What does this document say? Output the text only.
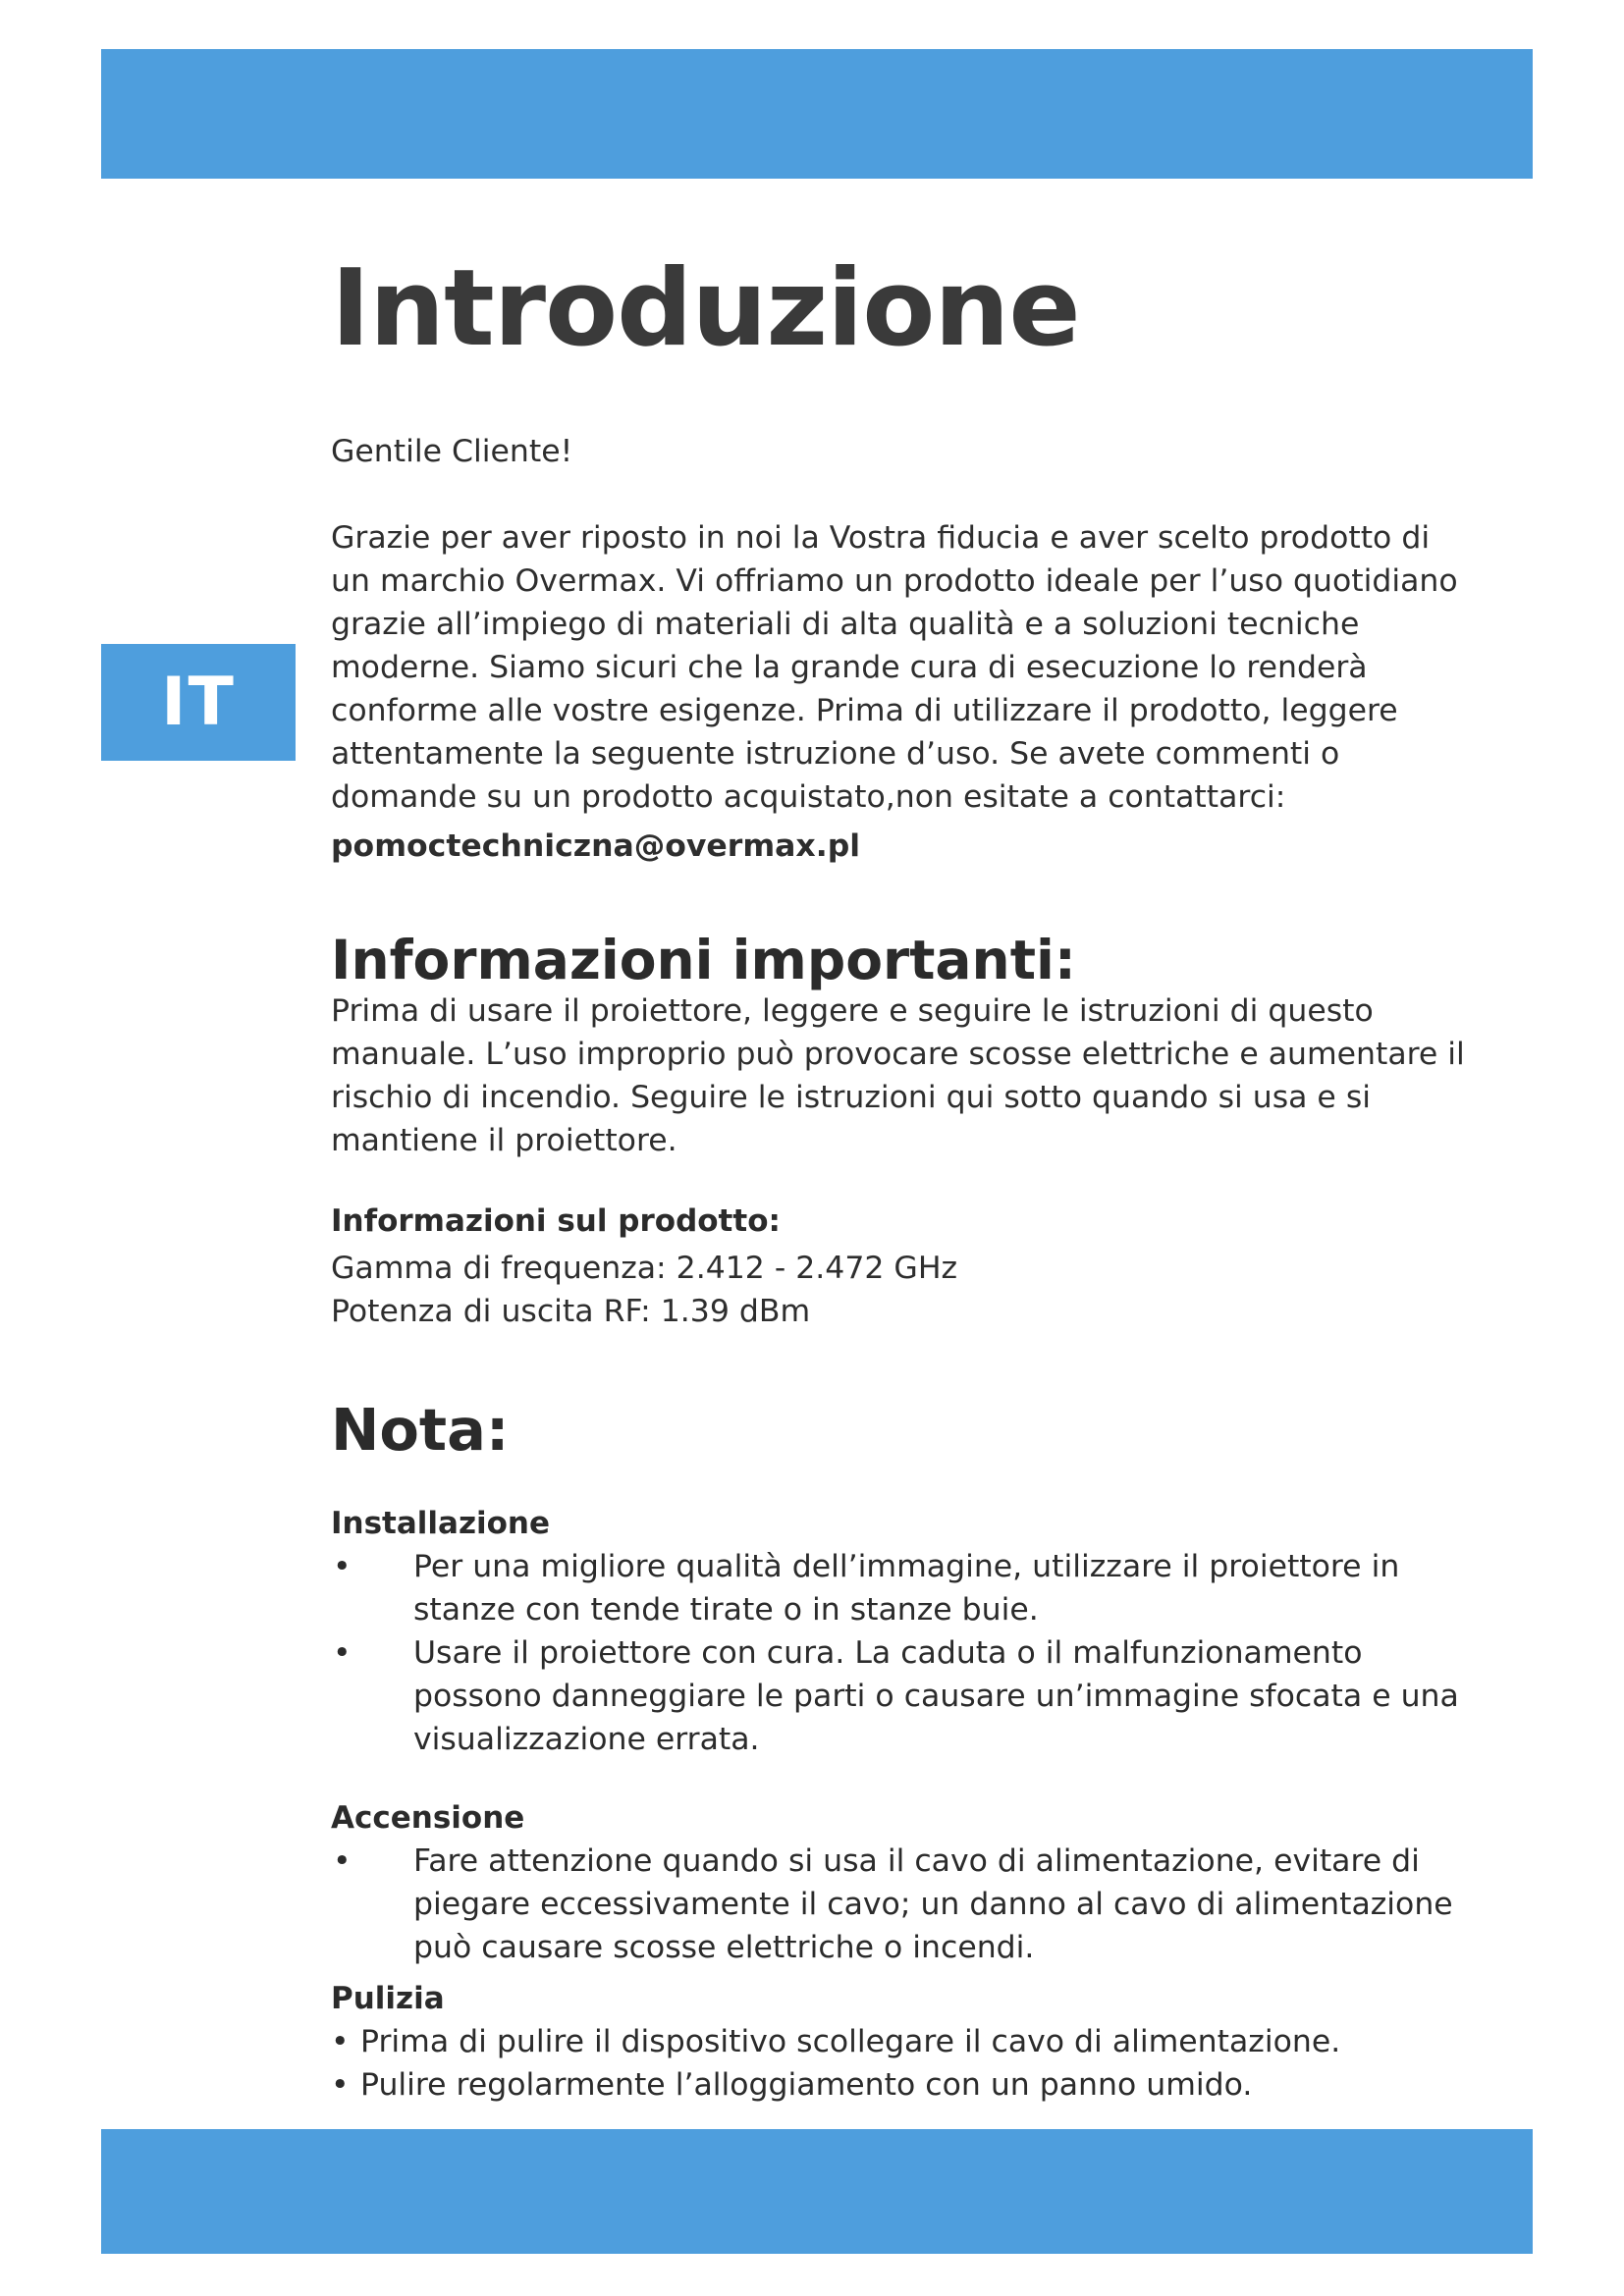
IT
Introduzione

Gentile Cliente!

Grazie per aver riposto in noi la Vostra fiducia e aver scelto prodotto di un marchio Overmax. Vi offriamo un prodotto ideale per l’uso quotidiano grazie all’impiego di materiali di alta qualità e a soluzioni tecniche moderne. Siamo sicuri che la grande cura di esecuzione lo renderà conforme alle vostre esigenze. Prima di utilizzare il prodotto, leggere attentamente la seguente istruzione d’uso. Se avete commenti o domande su un prodotto acquistato,non esitate a contattarci:

pomoctechniczna@overmax.pl

Informazioni importanti:

Prima di usare il proiettore, leggere e seguire le istruzioni di questo manuale. L’uso improprio può provocare scosse elettriche e aumentare il rischio di incendio. Seguire le istruzioni qui sotto quando si usa e si mantiene il proiettore.

Informazioni sul prodotto:

Gamma di frequenza: 2.412 - 2.472 GHz

Potenza di uscita RF: 1.39 dBm

Nota:
Installazione
• Per una migliore qualità dell’immagine, utilizzare il proiettore in stanze con tende tirate o in stanze buie.
• Usare il proiettore con cura. La caduta o il malfunzionamento possono danneggiare le parti o causare un’immagine sfocata e una visualizzazione errata.
Accensione
• Fare attenzione quando si usa il cavo di alimentazione, evitare di piegare eccessivamente il cavo; un danno al cavo di alimentazione può causare scosse elettriche o incendi.
Pulizia
• Prima di pulire il dispositivo scollegare il cavo di alimentazione.
• Pulire regolarmente l’alloggiamento con un panno umido.
